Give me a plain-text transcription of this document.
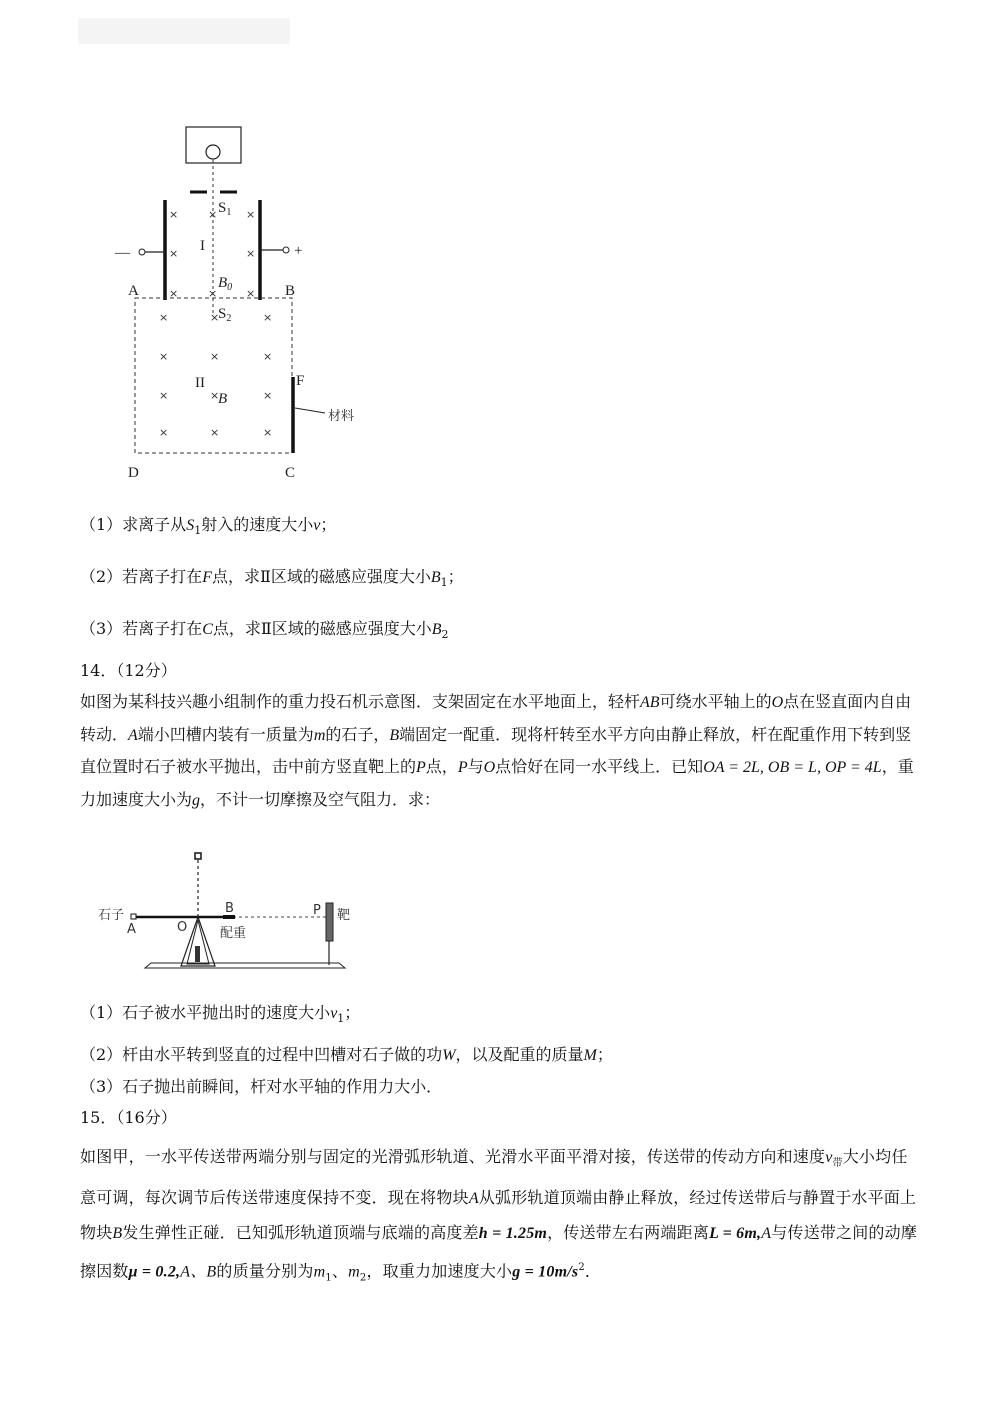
—	+
×	×	×
×	×
×	×	×
$S_1$
I
$B_0$
A	B
D	C
$S_2$
×	×	×
×	×	×
×	×	×
×	×	×
II
B
F
材料
（1）求离子从$S_1$射入的速度大小v；
（2）若离子打在F点，求Ⅱ区域的磁感应强度大小$B_1$；
（3）若离子打在C点，求Ⅱ区域的磁感应强度大小$B_2$
14．（12分）
如图为某科技兴趣小组制作的重力投石机示意图．支架固定在水平地面上，轻杆AB可绕水平轴上的O点在竖直面内自由转动．A端小凹槽内装有一质量为m的石子，B端固定一配重．现将杆转至水平方向由静止释放，杆在配重作用下转到竖直位置时石子被水平抛出，击中前方竖直靶上的P点，P与O点恰好在同一水平线上．已知OA = 2L, OB = L, OP = 4L，重力加速度大小为g，不计一切摩擦及空气阻力．求：
石子
A	O
B
配重
P 靶
（1）石子被水平抛出时的速度大小$v_1$；
（2）杆由水平转到竖直的过程中凹槽对石子做的功W，以及配重的质量M；
（3）石子抛出前瞬间，杆对水平轴的作用力大小．
15．（16分）
如图甲，一水平传送带两端分别与固定的光滑弧形轨道、光滑水平面平滑对接，传送带的传动方向和速度$v_带$大小均任意可调，每次调节后传送带速度保持不变．现在将物块A从弧形轨道顶端由静止释放，经过传送带后与静置于水平面上物块B发生弹性正碰．已知弧形轨道顶端与底端的高度差h = 1.25m，传送带左右两端距离L = 6m,A与传送带之间的动摩擦因数μ = 0.2,A、B的质量分别为$m_1$、$m_2$，取重力加速度大小$g = 10m/s^2$．
